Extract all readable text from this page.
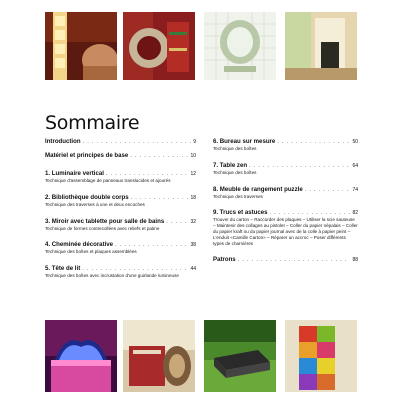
Sommaire
Introduction . . .	9
Matériel et principes de base . . .	10
1. Luminaire vertical . . .	12
Technique d'assemblage de panneaux translucides et ajourés
2. Bibliothèque double corps . . .	18
Technique des traverses à une et deux encoches
3. Miroir avec tablette pour salle de bains . . .	32
Technique de formes contrecollées avec reliefs et patine
4. Cheminée décorative . . .	38
Technique des boîtes et plaques assemblées
5. Tête de lit . . .	44
Technique des boîtes avec incrustation d'une guirlande lumineuse
6. Bureau sur mesure . . .	50
Technique des boîtes
7. Table zen . . .	64
Technique des boîtes
8. Meuble de rangement puzzle . . .	74
Technique des traverses
9. Trucs et astuces . . .	82
Trouver du carton – Raccorder des plaques – Utiliser la scie sauteuse – Maintenir des collages au pistolet – Coller du papier népalais – Coller du papier kraft ou du papier journal avec de la colle à papier peint – L'enduit «Camille Carton» – Réparer un accroc – Poser différents types de charnières
Patrons . . .	88
